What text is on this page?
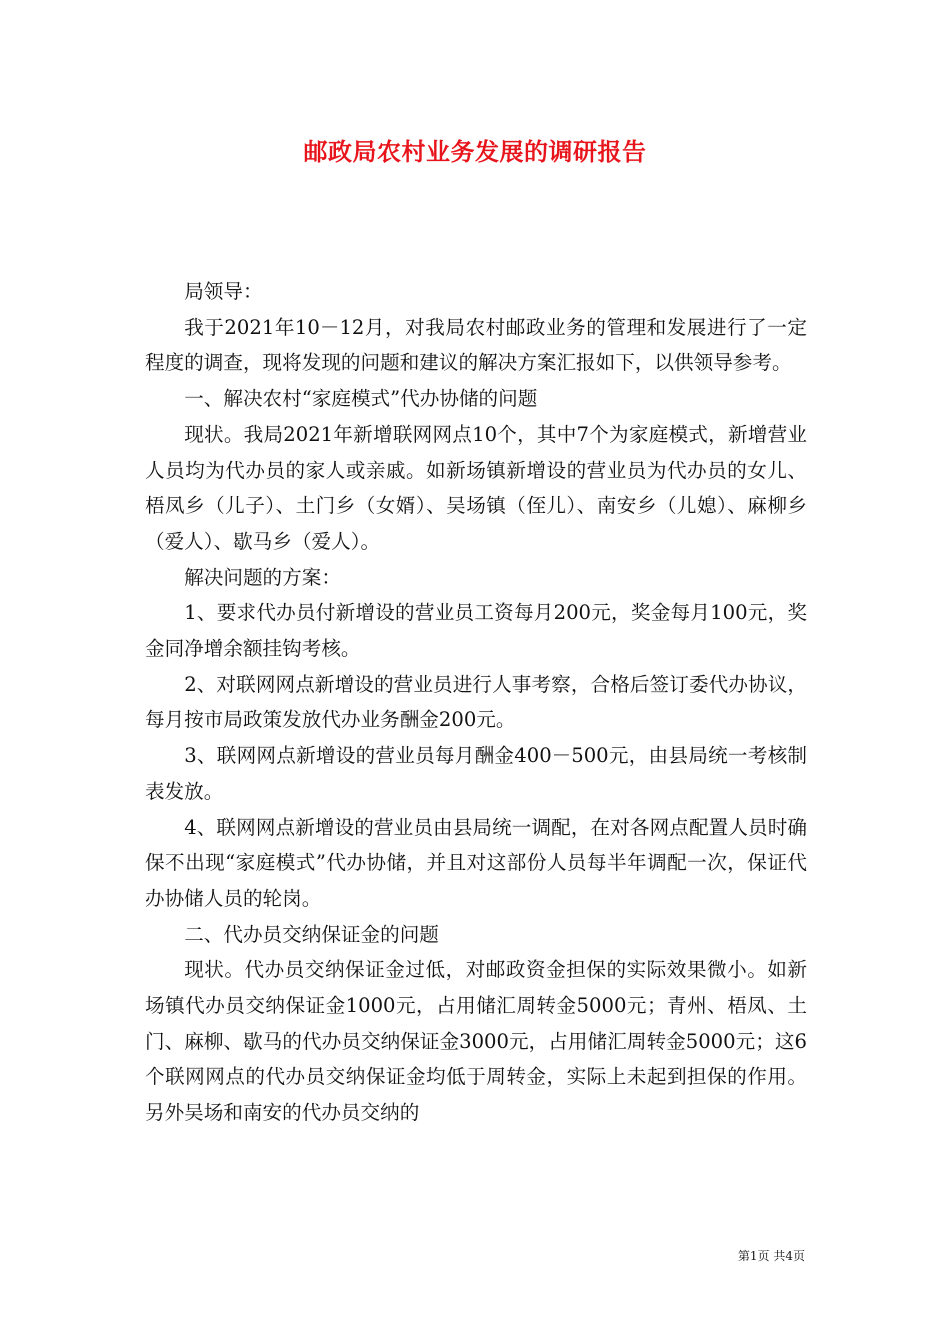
邮政局农村业务发展的调研报告

局领导：

我于2021年10－12月，对我局农村邮政业务的管理和发展进行了一定程度的调查，现将发现的问题和建议的解决方案汇报如下，以供领导参考。

一、解决农村“家庭模式”代办协储的问题

现状。我局2021年新增联网网点10个，其中7个为家庭模式，新增营业人员均为代办员的家人或亲戚。如新场镇新增设的营业员为代办员的女儿、梧凤乡（儿子）、土门乡（女婿）、吴场镇（侄儿）、南安乡（儿媳）、麻柳乡（爱人）、歇马乡（爱人）。

解决问题的方案：

1、要求代办员付新增设的营业员工资每月200元，奖金每月100元，奖金同净增余额挂钩考核。

2、对联网网点新增设的营业员进行人事考察，合格后签订委代办协议，每月按市局政策发放代办业务酬金200元。

3、联网网点新增设的营业员每月酬金400－500元，由县局统一考核制表发放。

4、联网网点新增设的营业员由县局统一调配，在对各网点配置人员时确保不出现“家庭模式”代办协储，并且对这部份人员每半年调配一次，保证代办协储人员的轮岗。

二、代办员交纳保证金的问题

现状。代办员交纳保证金过低，对邮政资金担保的实际效果微小。如新场镇代办员交纳保证金1000元，占用储汇周转金5000元；青州、梧凤、土门、麻柳、歇马的代办员交纳保证金3000元，占用储汇周转金5000元；这6个联网网点的代办员交纳保证金均低于周转金，实际上未起到担保的作用。另外吴场和南安的代办员交纳的

第1页 共4页
